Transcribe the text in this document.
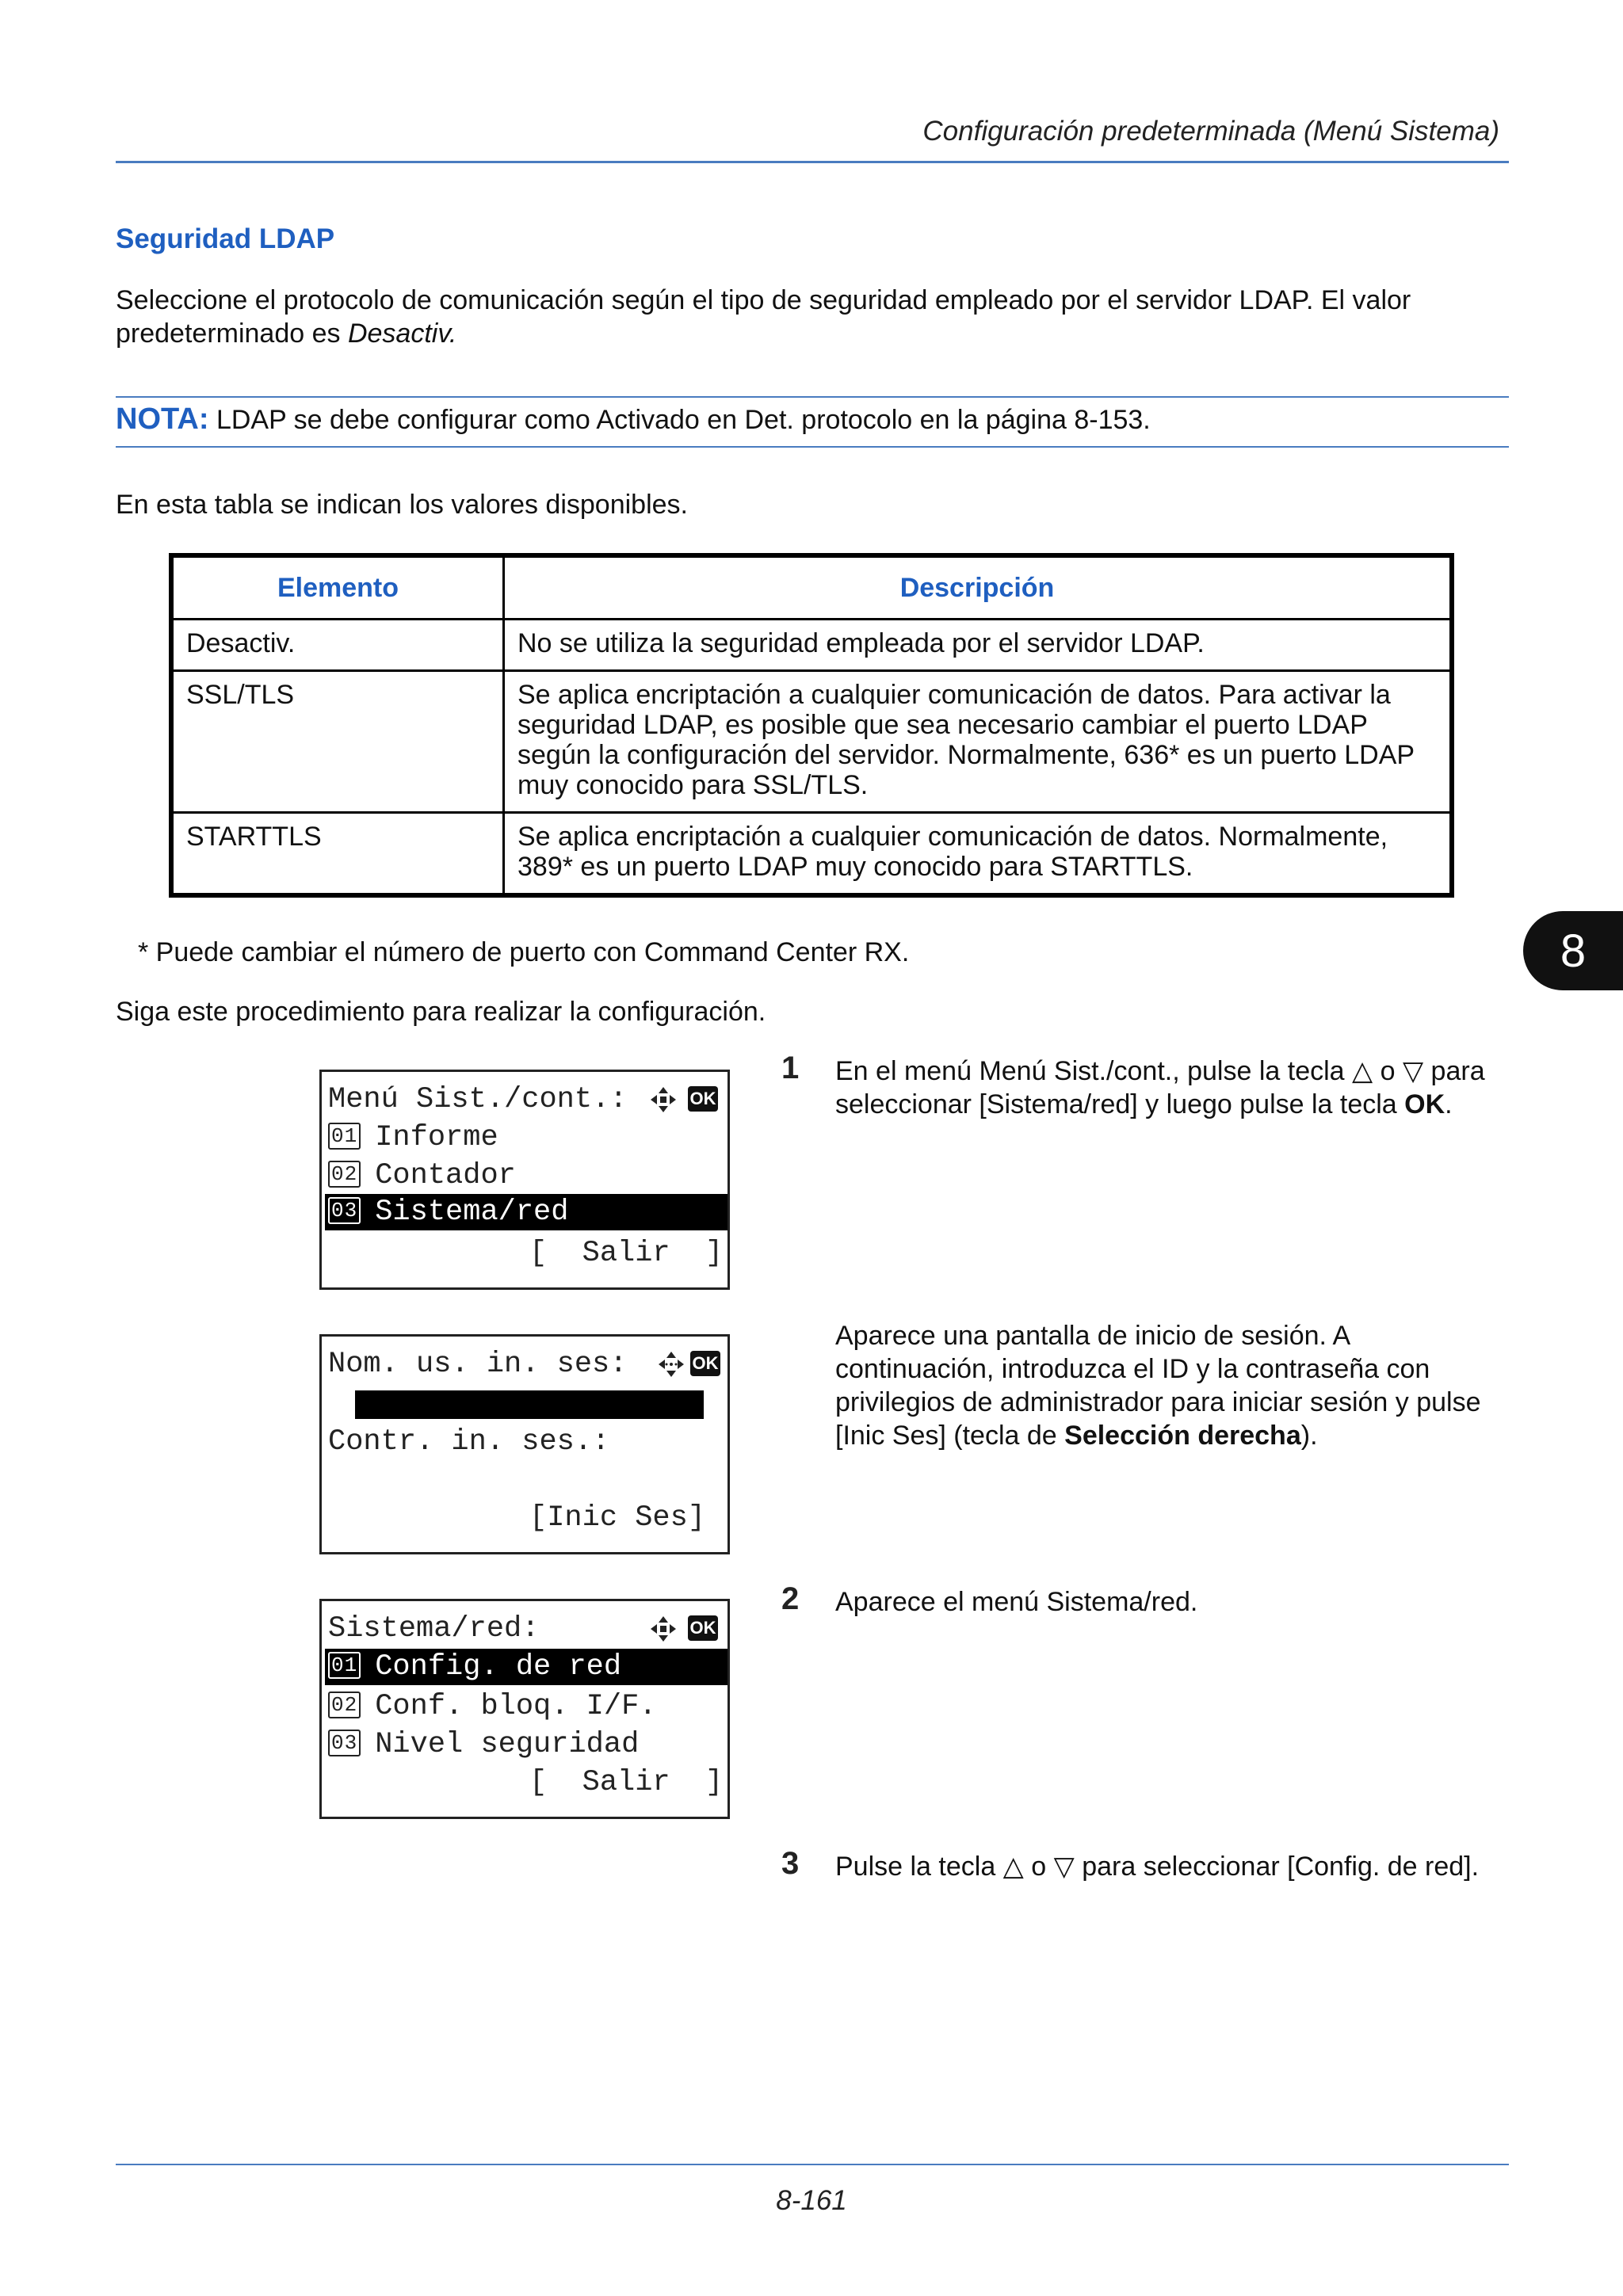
Configuración predeterminada (Menú Sistema)
Seguridad LDAP
Seleccione el protocolo de comunicación según el tipo de seguridad empleado por el servidor LDAP. El valor predeterminado es Desactiv.
NOTA: LDAP se debe configurar como Activado en Det. protocolo en la página 8-153.
En esta tabla se indican los valores disponibles.
Elemento	Descripción
Desactiv.	No se utiliza la seguridad empleada por el servidor LDAP.
SSL/TLS	Se aplica encriptación a cualquier comunicación de datos. Para activar la seguridad LDAP, es posible que sea necesario cambiar el puerto LDAP según la configuración del servidor. Normalmente, 636* es un puerto LDAP muy conocido para SSL/TLS.
STARTTLS	Se aplica encriptación a cualquier comunicación de datos. Normalmente, 389* es un puerto LDAP muy conocido para STARTTLS.
* Puede cambiar el número de puerto con Command Center RX.	8
Siga este procedimiento para realizar la configuración.
Menú Sist./cont.:	OK
01 Informe
02 Contador
03 Sistema/red
[  Salir  ]
Nom. us. in. ses:	OK
Contr. in. ses.:
[Inic Ses]
Sistema/red:	OK
01 Config. de red
02 Conf. bloq. I/F.
03 Nivel seguridad
[  Salir  ]
1 En el menú Menú Sist./cont., pulse la tecla △ o ▽ para seleccionar [Sistema/red] y luego pulse la tecla OK.
Aparece una pantalla de inicio de sesión. A continuación, introduzca el ID y la contraseña con privilegios de administrador para iniciar sesión y pulse [Inic Ses] (tecla de Selección derecha).
2 Aparece el menú Sistema/red.
3 Pulse la tecla △ o ▽ para seleccionar [Config. de red].
8-161
